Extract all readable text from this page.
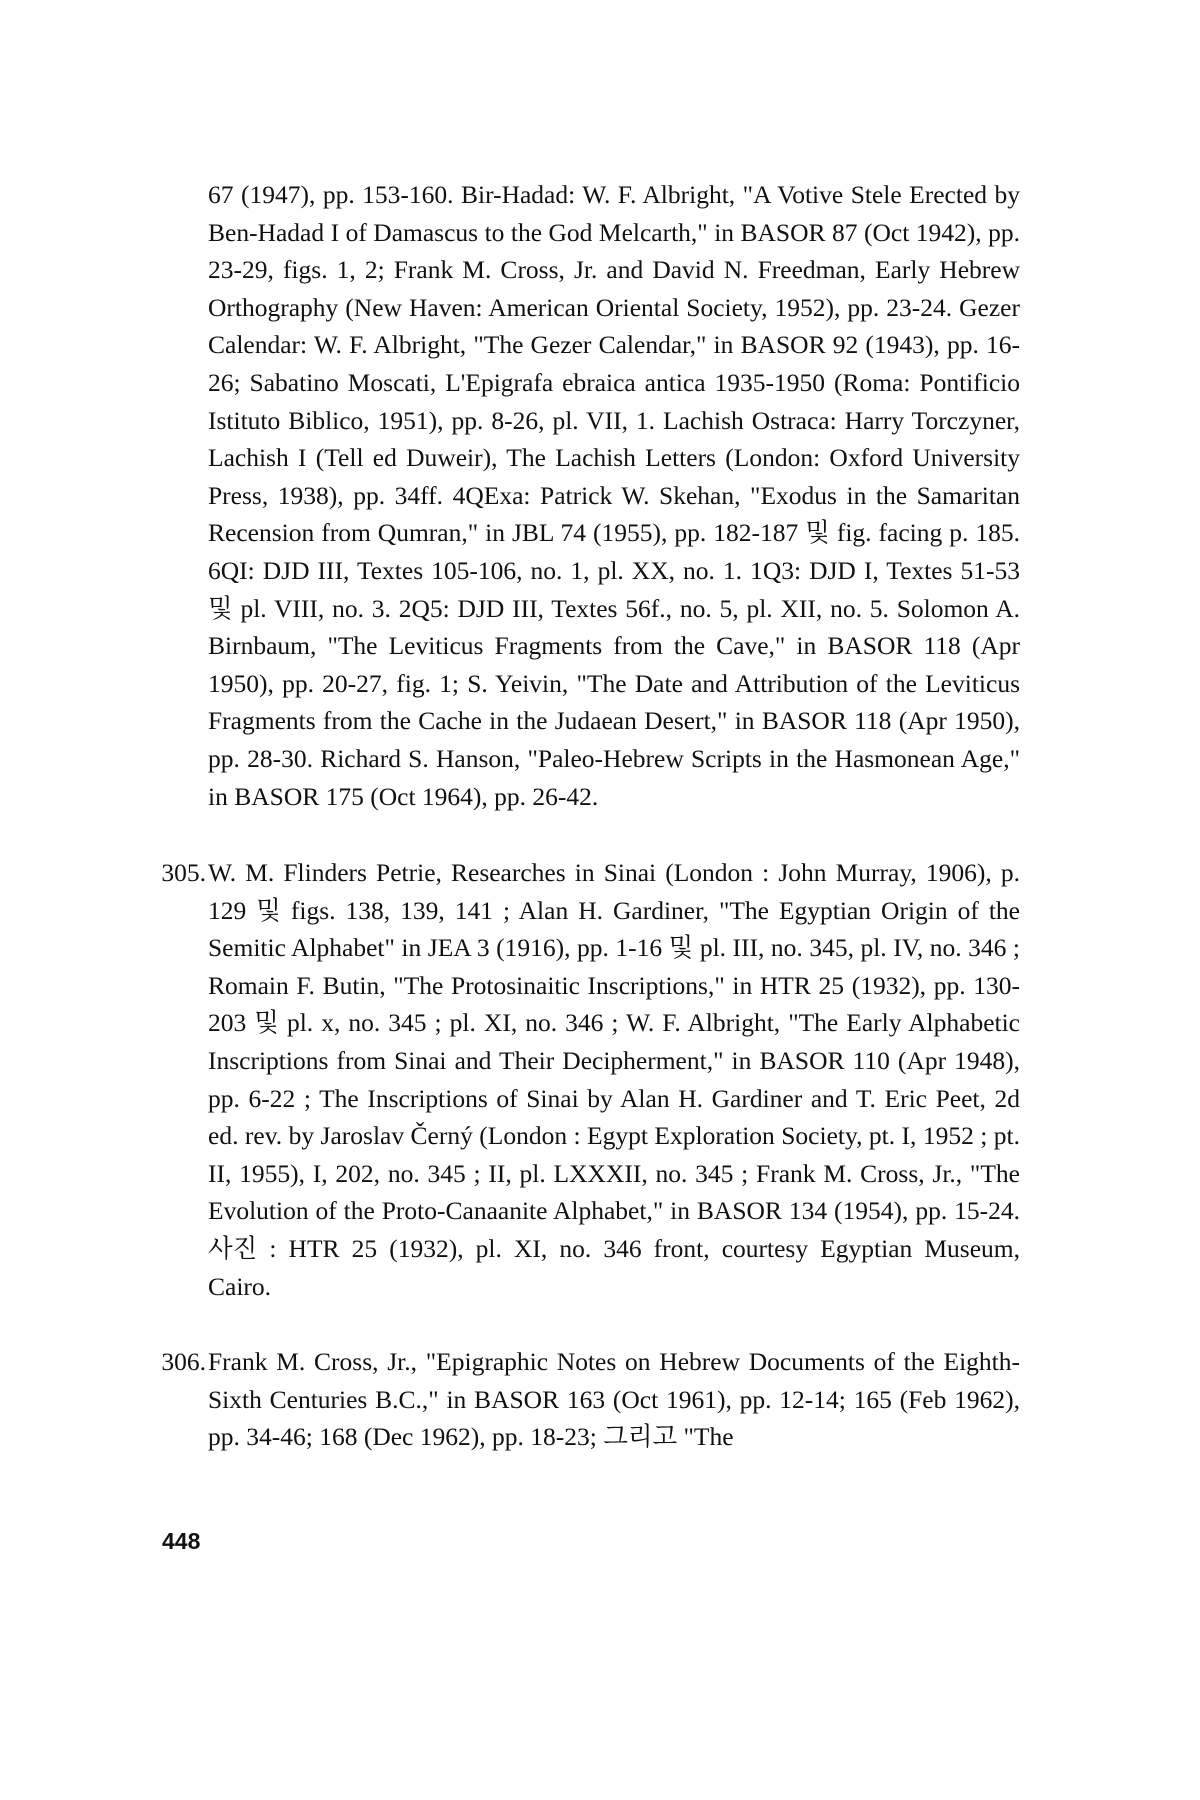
67 (1947), pp. 153-160. Bir-Hadad: W. F. Albright, "A Votive Stele Erected by Ben-Hadad I of Damascus to the God Melcarth," in BASOR 87 (Oct 1942), pp. 23-29, figs. 1, 2; Frank M. Cross, Jr. and David N. Freedman, Early Hebrew Orthography (New Haven: American Oriental Society, 1952), pp. 23-24. Gezer Calendar: W. F. Albright, "The Gezer Calendar," in BASOR 92 (1943), pp. 16-26; Sabatino Moscati, L'Epigrafa ebraica antica 1935-1950 (Roma: Pontificio Istituto Biblico, 1951), pp. 8-26, pl. VII, 1. Lachish Ostraca: Harry Torczyner, Lachish I (Tell ed Duweir), The Lachish Letters (London: Oxford University Press, 1938), pp. 34ff. 4QExa: Patrick W. Skehan, "Exodus in the Samaritan Recension from Qumran," in JBL 74 (1955), pp. 182-187 및 fig. facing p. 185. 6QI: DJD III, Textes 105-106, no. 1, pl. XX, no. 1. 1Q3: DJD I, Textes 51-53 및 pl. VIII, no. 3. 2Q5: DJD III, Textes 56f., no. 5, pl. XII, no. 5. Solomon A. Birnbaum, "The Leviticus Fragments from the Cave," in BASOR 118 (Apr 1950), pp. 20-27, fig. 1; S. Yeivin, "The Date and Attribution of the Leviticus Fragments from the Cache in the Judaean Desert," in BASOR 118 (Apr 1950), pp. 28-30. Richard S. Hanson, "Paleo-Hebrew Scripts in the Hasmonean Age," in BASOR 175 (Oct 1964), pp. 26-42.

305. W. M. Flinders Petrie, Researches in Sinai (London : John Murray, 1906), p. 129 및 figs. 138, 139, 141 ; Alan H. Gardiner, "The Egyptian Origin of the Semitic Alphabet" in JEA 3 (1916), pp. 1-16 및 pl. III, no. 345, pl. IV, no. 346 ; Romain F. Butin, "The Protosinaitic Inscriptions," in HTR 25 (1932), pp. 130-203 및 pl. x, no. 345 ; pl. XI, no. 346 ; W. F. Albright, "The Early Alphabetic Inscriptions from Sinai and Their Decipherment," in BASOR 110 (Apr 1948), pp. 6-22 ; The Inscriptions of Sinai by Alan H. Gardiner and T. Eric Peet, 2d ed. rev. by Jaroslav Černý (London : Egypt Exploration Society, pt. I, 1952 ; pt. II, 1955), I, 202, no. 345 ; II, pl. LXXXII, no. 345 ; Frank M. Cross, Jr., "The Evolution of the Proto-Canaanite Alphabet," in BASOR 134 (1954), pp. 15-24. 사진 : HTR 25 (1932), pl. XI, no. 346 front, courtesy Egyptian Museum, Cairo.

306. Frank M. Cross, Jr., "Epigraphic Notes on Hebrew Documents of the Eighth-Sixth Centuries B.C.," in BASOR 163 (Oct 1961), pp. 12-14; 165 (Feb 1962), pp. 34-46; 168 (Dec 1962), pp. 18-23; 그리고 "The

448
